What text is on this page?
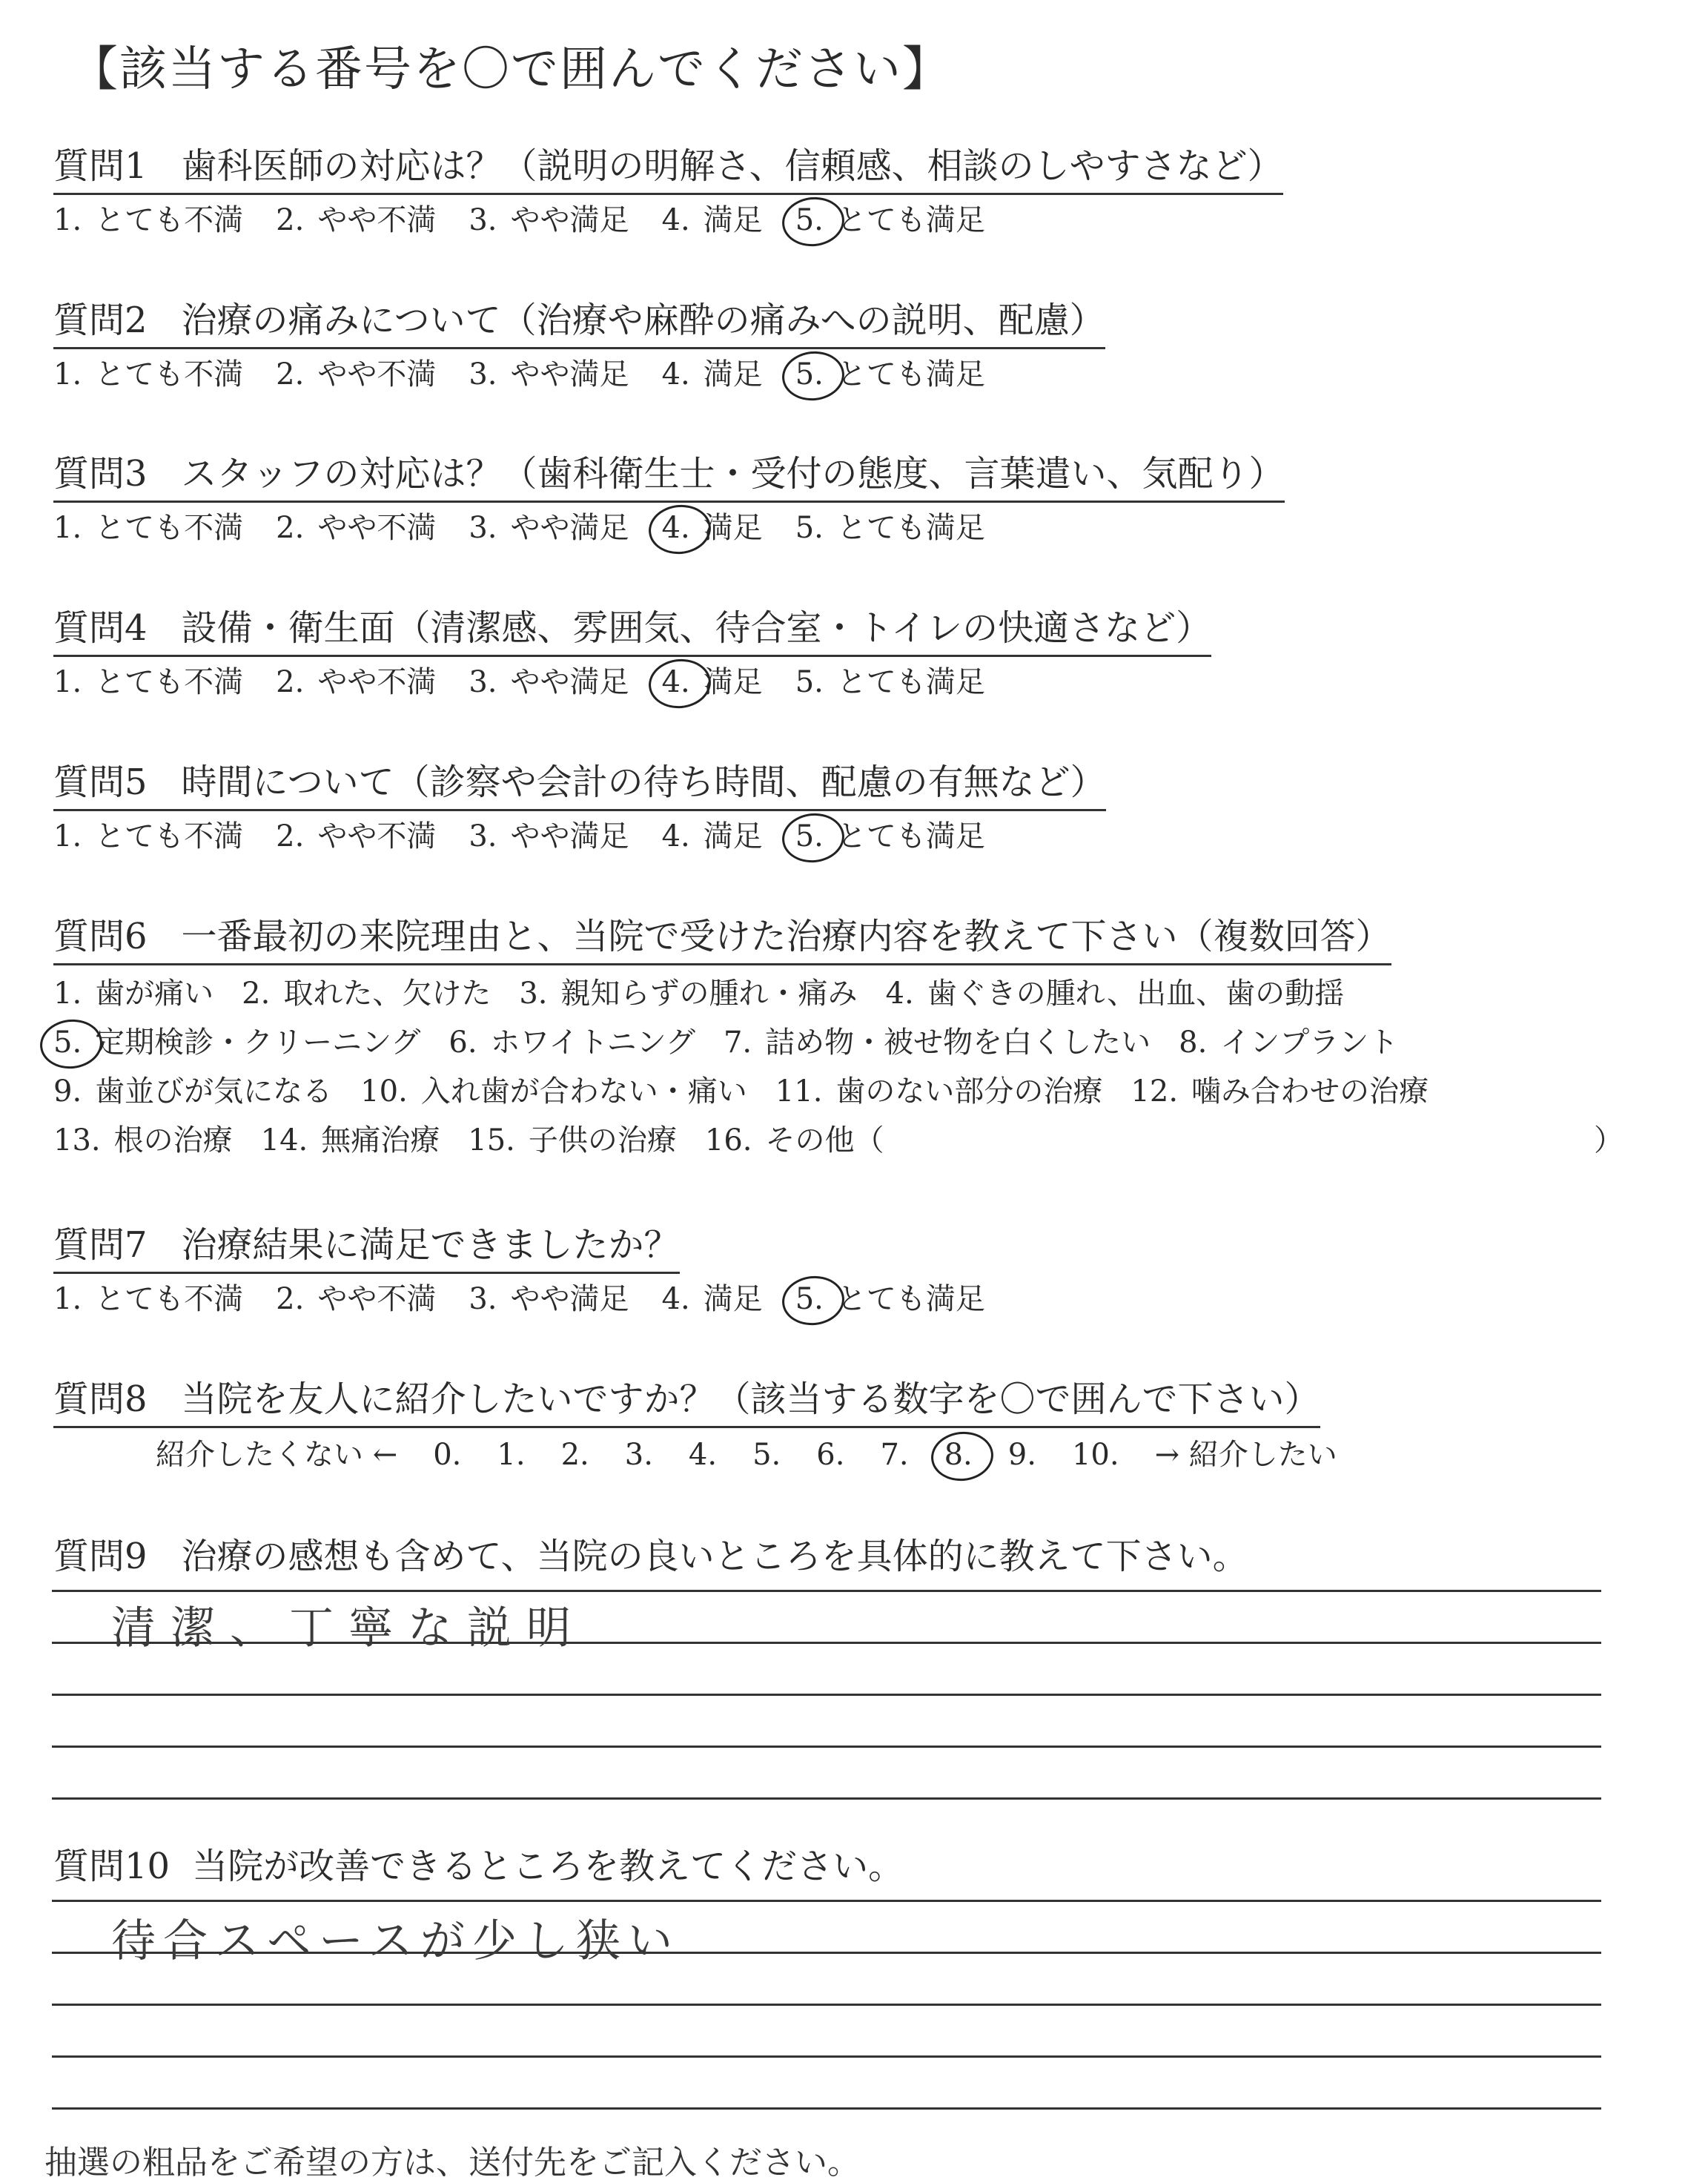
【該当する番号を〇で囲んでください】
質問1 歯科医師の対応は？（説明の明解さ、信頼感、相談のしやすさなど）
1. とても不満 2. やや不満 3. やや満足 4. 満足 5. とても満足
質問2 治療の痛みについて（治療や麻酔の痛みへの説明、配慮）
1. とても不満 2. やや不満 3. やや満足 4. 満足 5. とても満足
質問3 スタッフの対応は？（歯科衛生士・受付の態度、言葉遣い、気配り）
1. とても不満 2. やや不満 3. やや満足 4. 満足 5. とても満足
質問4 設備・衛生面（清潔感、雰囲気、待合室・トイレの快適さなど）
1. とても不満 2. やや不満 3. やや満足 4. 満足 5. とても満足
質問5 時間について（診察や会計の待ち時間、配慮の有無など）
1. とても不満 2. やや不満 3. やや満足 4. 満足 5. とても満足
質問6 一番最初の来院理由と、当院で受けた治療内容を教えて下さい（複数回答）
1. 歯が痛い 2. 取れた、欠けた 3. 親知らずの腫れ・痛み 4. 歯ぐきの腫れ、出血、歯の動揺
5. 定期検診・クリーニング 6. ホワイトニング 7. 詰め物・被せ物を白くしたい 8. インプラント
9. 歯並びが気になる 10. 入れ歯が合わない・痛い 11. 歯のない部分の治療 12. 噛み合わせの治療
13. 根の治療 14. 無痛治療 15. 子供の治療 16. その他（	）
質問7 治療結果に満足できましたか？
1. とても不満 2. やや不満 3. やや満足 4. 満足 5. とても満足
質問8 当院を友人に紹介したいですか？（該当する数字を〇で囲んで下さい）
紹介したくない ← 0. 1. 2. 3. 4. 5. 6. 7. 8. 9. 10. → 紹介したい
質問9 治療の感想も含めて、当院の良いところを具体的に教えて下さい。
清潔、丁寧な説明
質問10 当院が改善できるところを教えてください。
待合スペースが少し狭い
抽選の粗品をご希望の方は、送付先をご記入ください。
